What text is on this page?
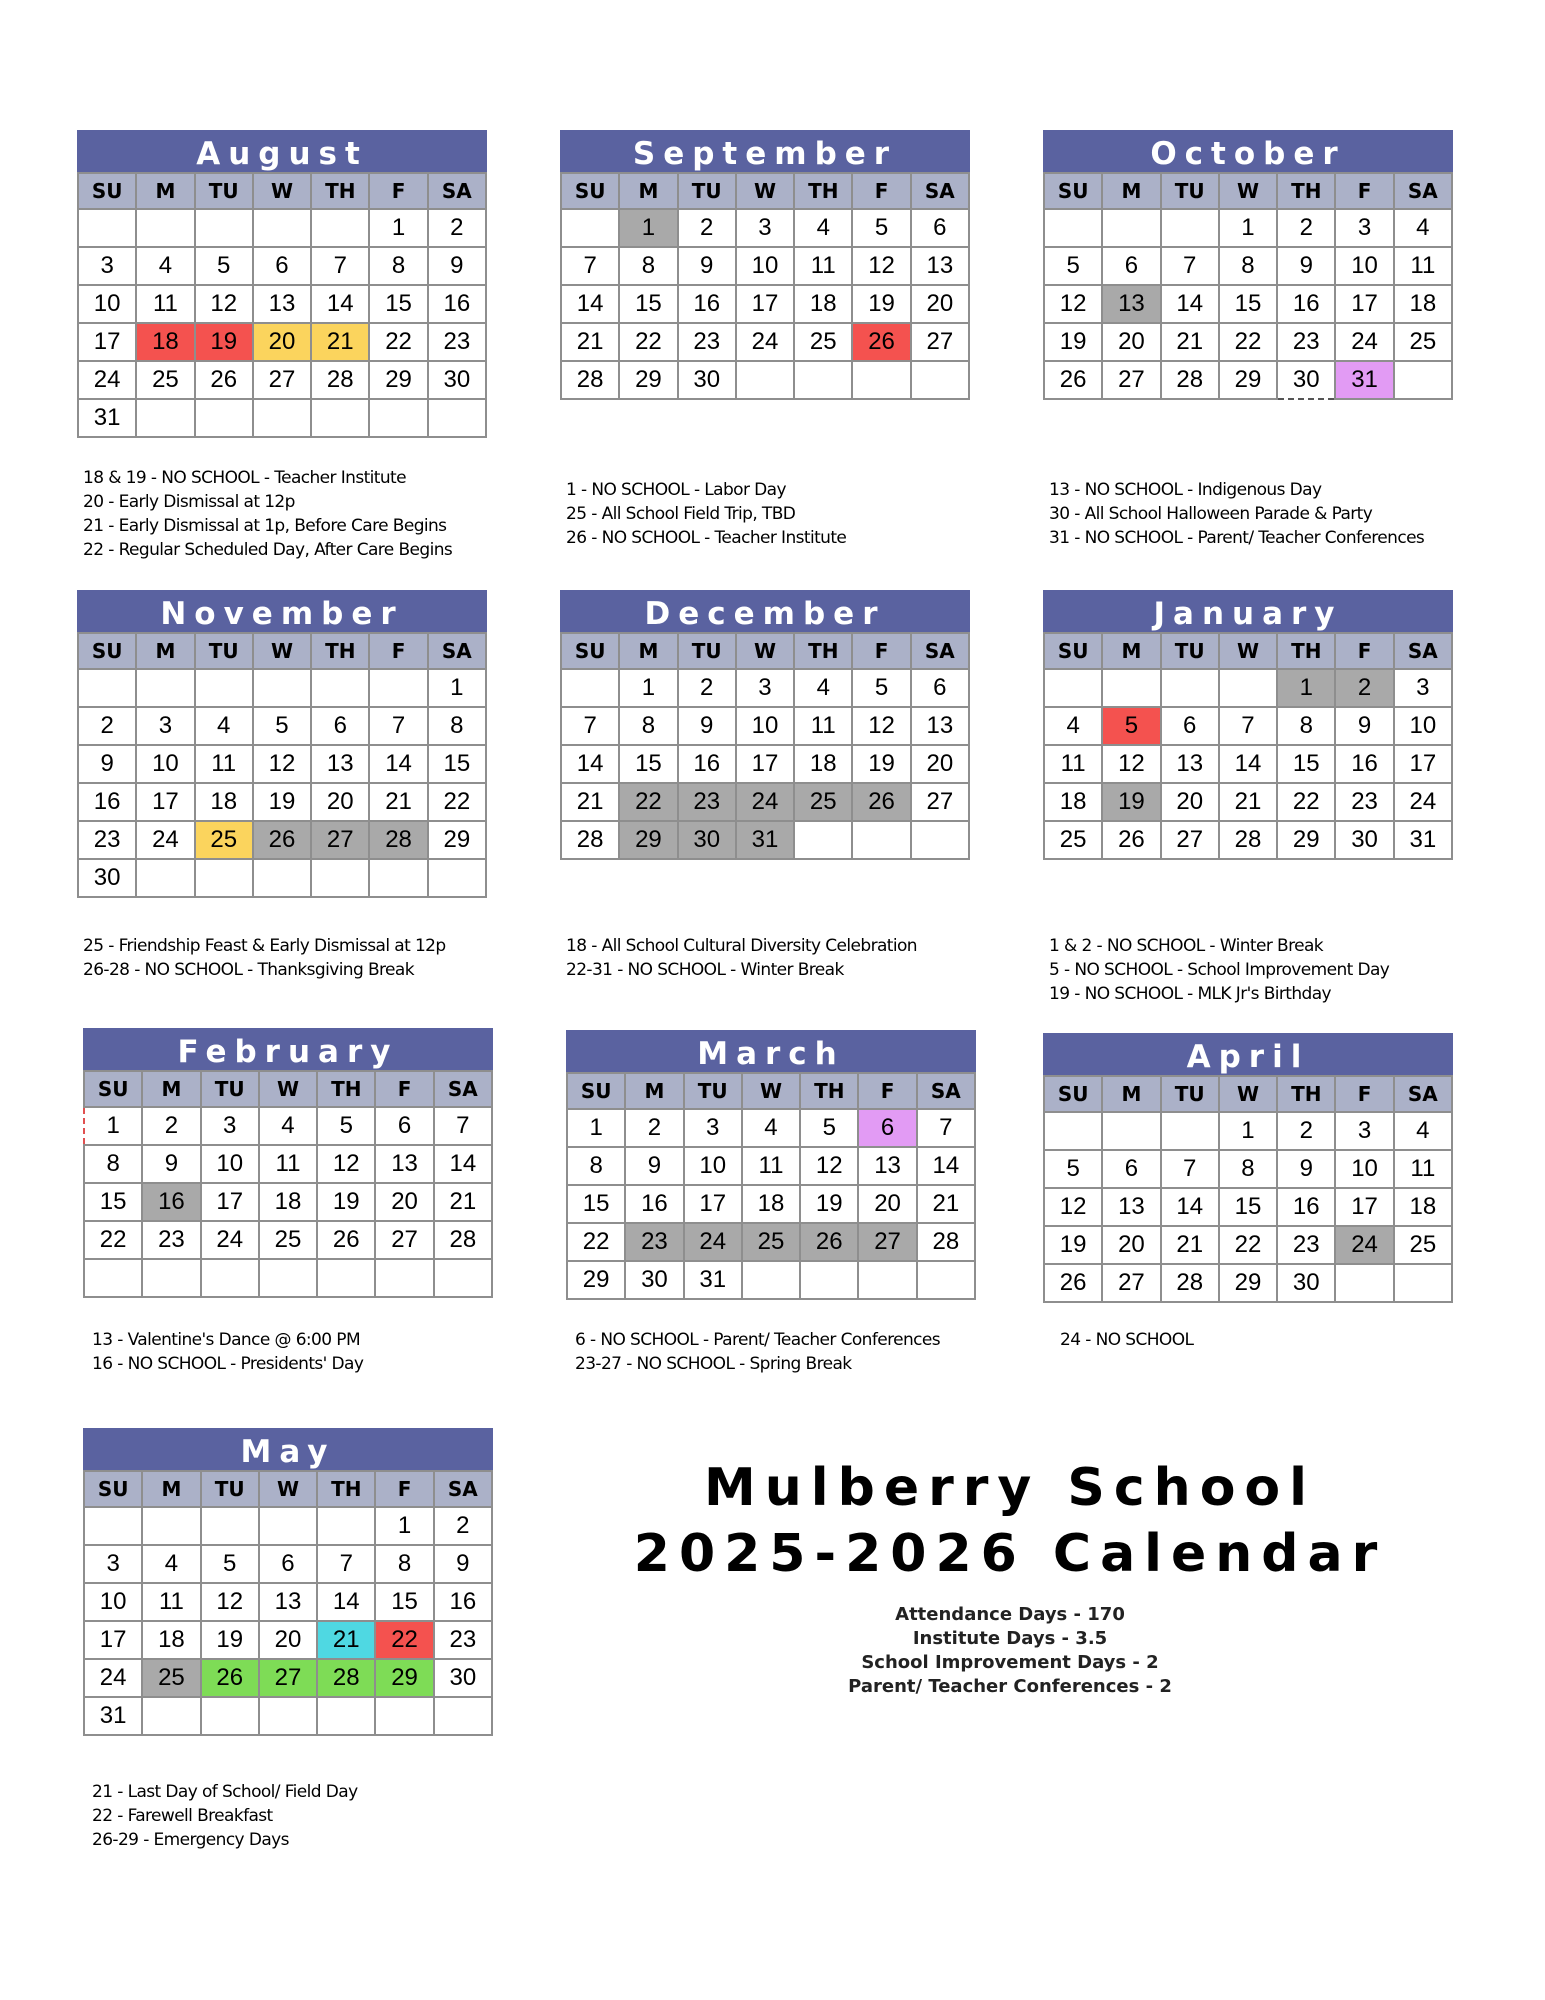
August
SU	M	TU	W	TH	F	SA
					1	2
3	4	5	6	7	8	9
10	11	12	13	14	15	16
17	18	19	20	21	22	23
24	25	26	27	28	29	30
31						
September
SU	M	TU	W	TH	F	SA
	1	2	3	4	5	6
7	8	9	10	11	12	13
14	15	16	17	18	19	20
21	22	23	24	25	26	27
28	29	30				
October
SU	M	TU	W	TH	F	SA
			1	2	3	4
5	6	7	8	9	10	11
12	13	14	15	16	17	18
19	20	21	22	23	24	25
26	27	28	29	30	31	
November
SU	M	TU	W	TH	F	SA
						1
2	3	4	5	6	7	8
9	10	11	12	13	14	15
16	17	18	19	20	21	22
23	24	25	26	27	28	29
30						
December
SU	M	TU	W	TH	F	SA
	1	2	3	4	5	6
7	8	9	10	11	12	13
14	15	16	17	18	19	20
21	22	23	24	25	26	27
28	29	30	31			
January
SU	M	TU	W	TH	F	SA
				1	2	3
4	5	6	7	8	9	10
11	12	13	14	15	16	17
18	19	20	21	22	23	24
25	26	27	28	29	30	31
February
SU	M	TU	W	TH	F	SA
1	2	3	4	5	6	7
8	9	10	11	12	13	14
15	16	17	18	19	20	21
22	23	24	25	26	27	28

March
SU	M	TU	W	TH	F	SA
1	2	3	4	5	6	7
8	9	10	11	12	13	14
15	16	17	18	19	20	21
22	23	24	25	26	27	28
29	30	31				
April
SU	M	TU	W	TH	F	SA
			1	2	3	4
5	6	7	8	9	10	11
12	13	14	15	16	17	18
19	20	21	22	23	24	25
26	27	28	29	30		
May
SU	M	TU	W	TH	F	SA
					1	2
3	4	5	6	7	8	9
10	11	12	13	14	15	16
17	18	19	20	21	22	23
24	25	26	27	28	29	30
31						
18 & 19 - NO SCHOOL - Teacher Institute
20 - Early Dismissal at 12p
21 - Early Dismissal at 1p, Before Care Begins
22 - Regular Scheduled Day, After Care Begins
1 - NO SCHOOL - Labor Day
25 - All School Field Trip, TBD
26 - NO SCHOOL - Teacher Institute
13 - NO SCHOOL - Indigenous Day
30 - All School Halloween Parade & Party
31 - NO SCHOOL - Parent/ Teacher Conferences
25 - Friendship Feast & Early Dismissal at 12p
26-28 - NO SCHOOL - Thanksgiving Break
18 - All School Cultural Diversity Celebration
22-31 - NO SCHOOL - Winter Break
1 & 2 - NO SCHOOL - Winter Break
5 - NO SCHOOL - School Improvement Day
19 - NO SCHOOL - MLK Jr's Birthday
13 - Valentine's Dance @ 6:00 PM
16 - NO SCHOOL - Presidents' Day
6 - NO SCHOOL - Parent/ Teacher Conferences
23-27 - NO SCHOOL - Spring Break
24 - NO SCHOOL
21 - Last Day of School/ Field Day
22 - Farewell Breakfast
26-29 - Emergency Days
Mulberry School
2025-2026 Calendar
Attendance Days - 170
Institute Days - 3.5
School Improvement Days - 2
Parent/ Teacher Conferences - 2
